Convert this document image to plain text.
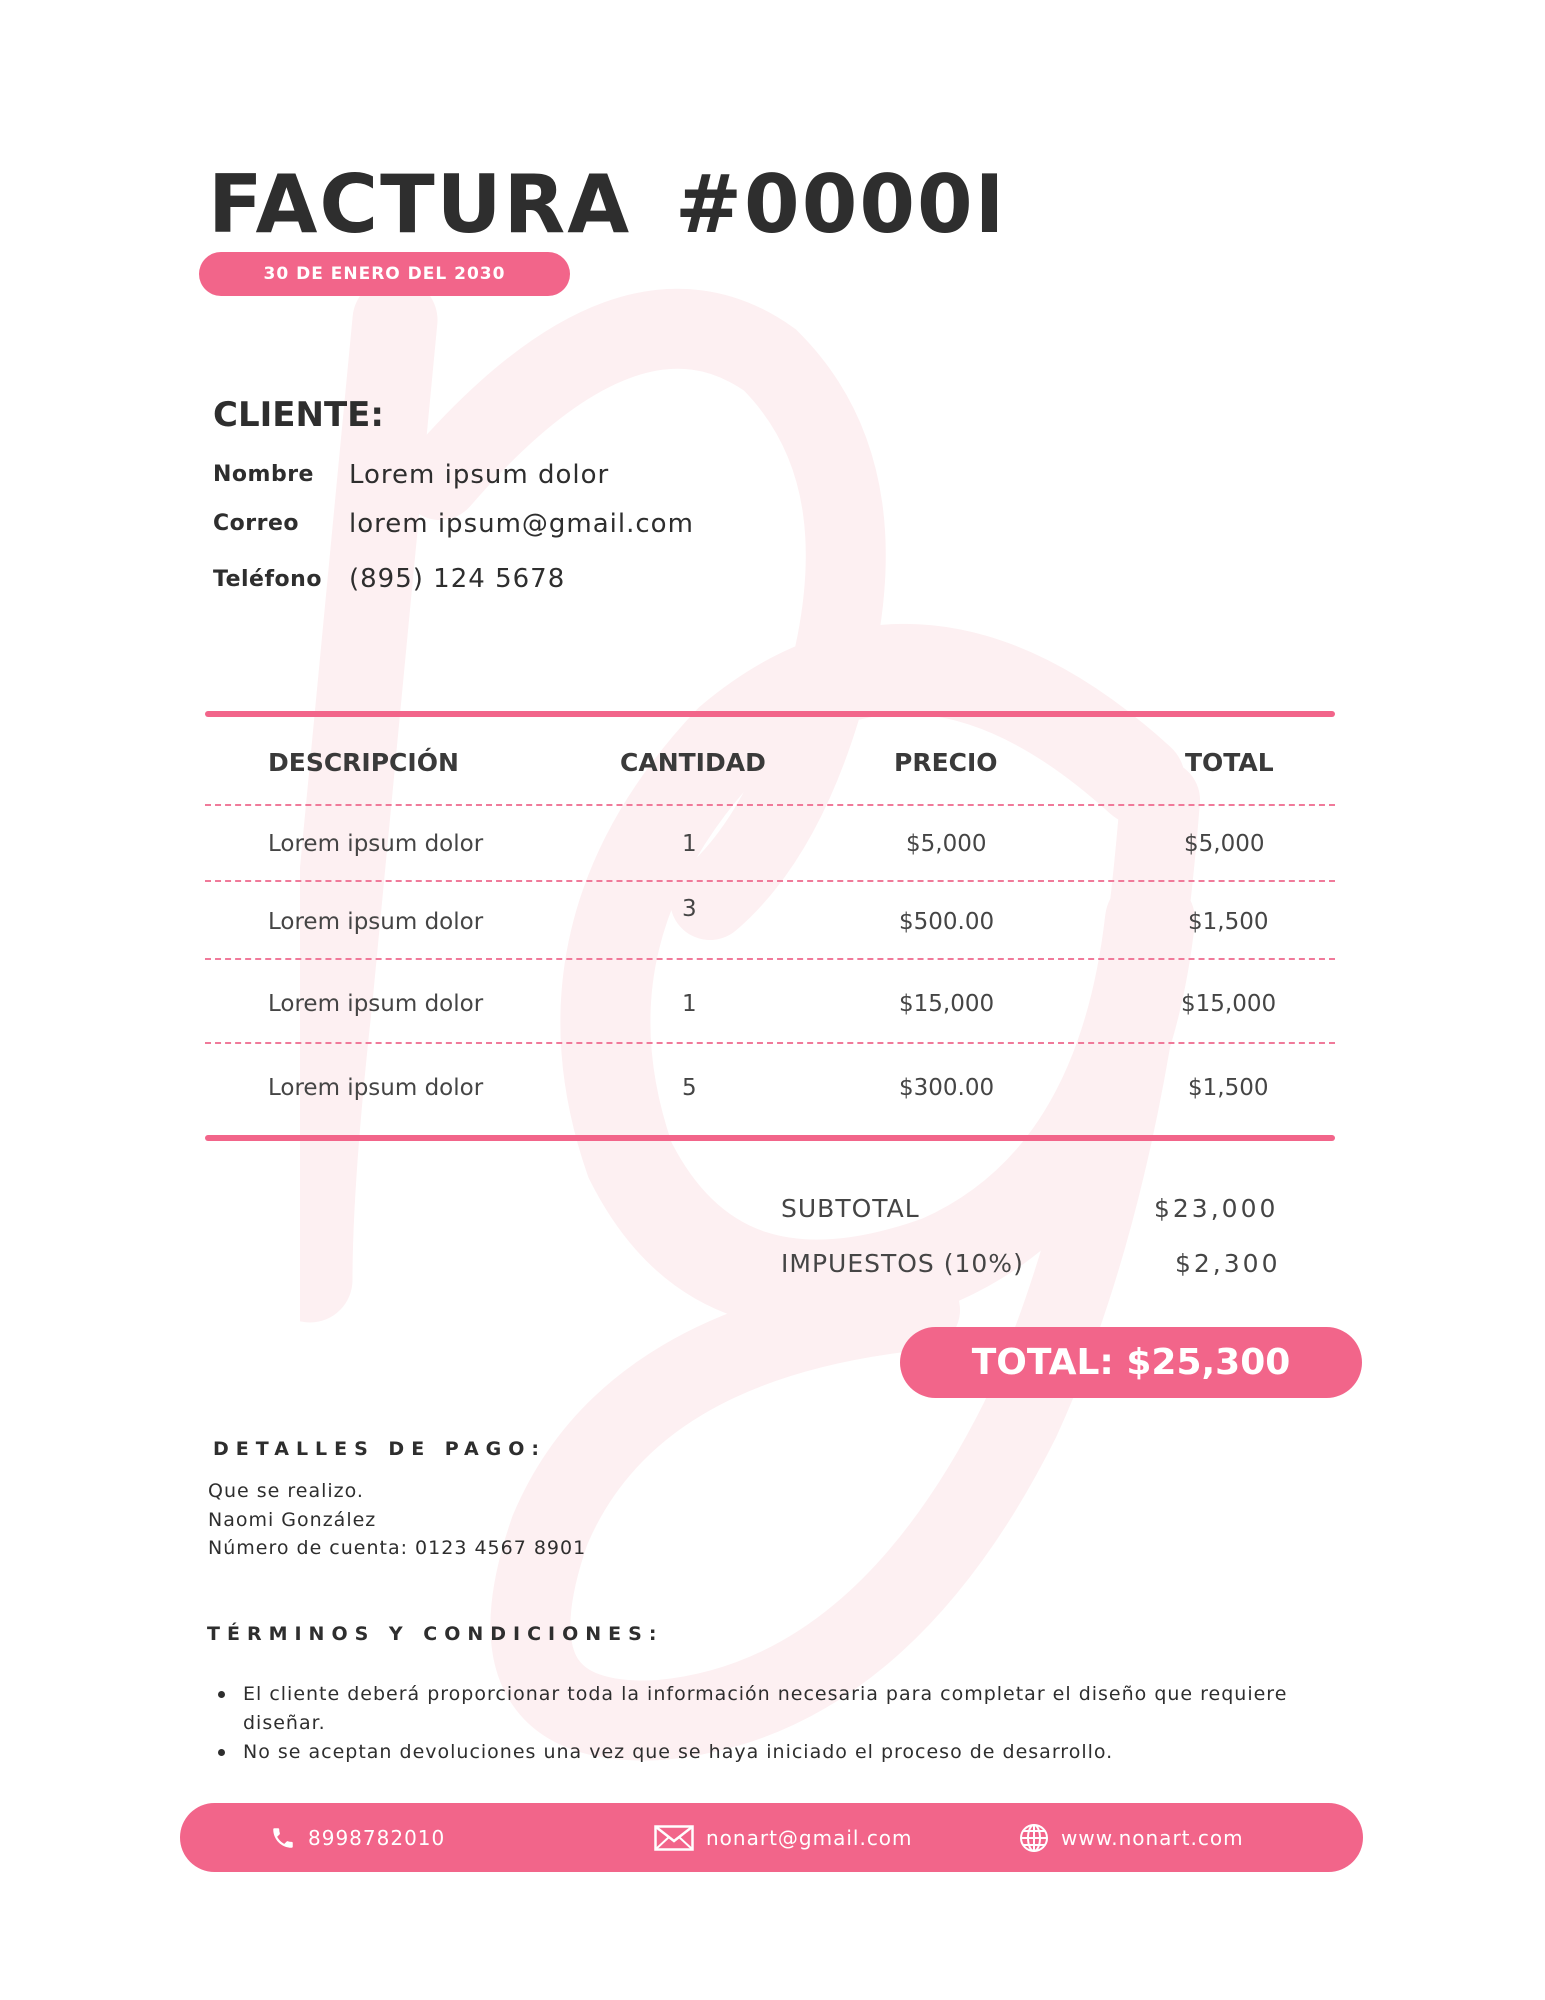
FACTURA #0000I
30 DE ENERO DEL 2030
CLIENTE:
Nombre Lorem ipsum dolor
Correo lorem ipsum@gmail.com
Teléfono (895) 124 5678
DESCRIPCIÓN	CANTIDAD	PRECIO	TOTAL
Lorem ipsum dolor	1	$5,000	$5,000
Lorem ipsum dolor	3	$500.00	$1,500
Lorem ipsum dolor	1	$15,000	$15,000
Lorem ipsum dolor	5	$300.00	$1,500
SUBTOTAL	$23,000
IMPUESTOS (10%)	$2,300
TOTAL: $25,300
DETALLES DE PAGO:
Que se realizo.
Naomi González
Número de cuenta: 0123 4567 8901
TÉRMINOS Y CONDICIONES:
El cliente deberá proporcionar toda la información necesaria para completar el diseño que requiere diseñar.
No se aceptan devoluciones una vez que se haya iniciado el proceso de desarrollo.
8998782010	nonart@gmail.com	www.nonart.com
